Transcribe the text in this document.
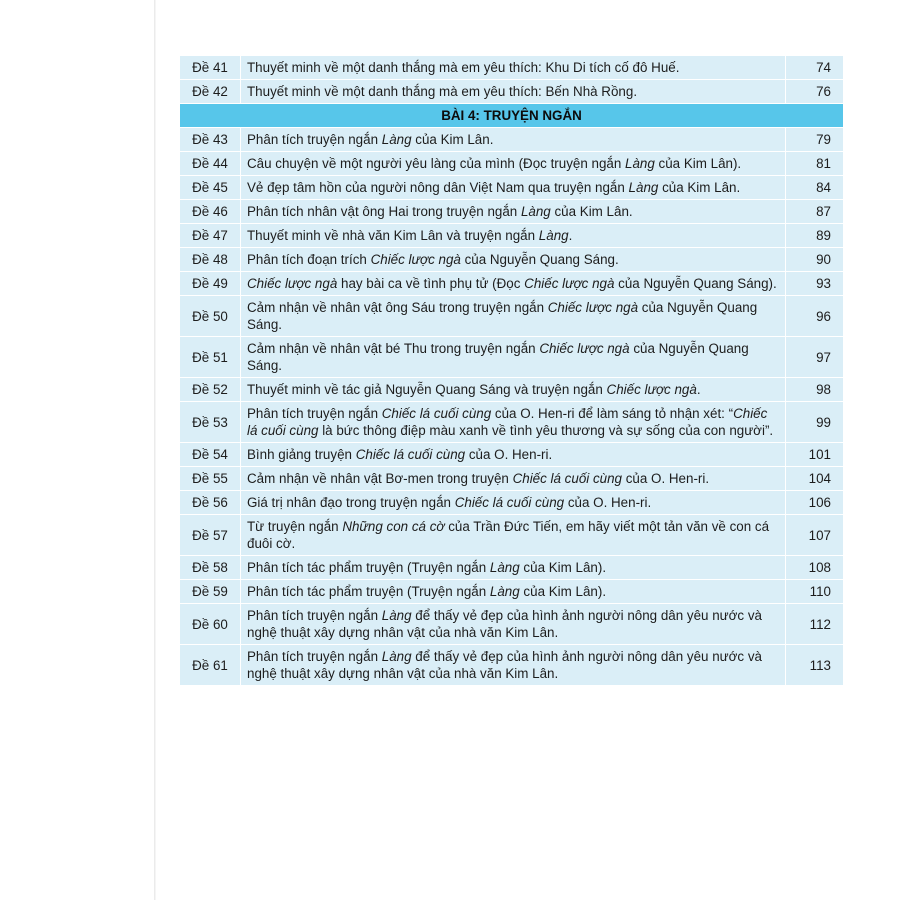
Đề 41	Thuyết minh về một danh thắng mà em yêu thích: Khu Di tích cố đô Huế.	74
Đề 42	Thuyết minh về một danh thắng mà em yêu thích: Bến Nhà Rồng.	76
BÀI 4: TRUYỆN NGẮN		
Đề 43	Phân tích truyện ngắn Làng của Kim Lân.	79
Đề 44	Câu chuyện về một người yêu làng của mình (Đọc truyện ngắn Làng của Kim Lân).	81
Đề 45	Vẻ đẹp tâm hồn của người nông dân Việt Nam qua truyện ngắn Làng của Kim Lân.	84
Đề 46	Phân tích nhân vật ông Hai trong truyện ngắn Làng của Kim Lân.	87
Đề 47	Thuyết minh về nhà văn Kim Lân và truyện ngắn Làng.	89
Đề 48	Phân tích đoạn trích Chiếc lược ngà của Nguyễn Quang Sáng.	90
Đề 49	Chiếc lược ngà hay bài ca về tình phụ tử (Đọc Chiếc lược ngà của Nguyễn Quang Sáng).	93
Đề 50	Cảm nhận về nhân vật ông Sáu trong truyện ngắn Chiếc lược ngà của Nguyễn Quang Sáng.	96
Đề 51	Cảm nhận về nhân vật bé Thu trong truyện ngắn Chiếc lược ngà của Nguyễn Quang Sáng.	97
Đề 52	Thuyết minh về tác giả Nguyễn Quang Sáng và truyện ngắn Chiếc lược ngà.	98
Đề 53	Phân tích truyện ngắn Chiếc lá cuối cùng của O. Hen-ri để làm sáng tỏ nhận xét: “Chiếc lá cuối cùng là bức thông điệp màu xanh về tình yêu thương và sự sống của con người”.	99
Đề 54	Bình giảng truyện Chiếc lá cuối cùng của O. Hen-ri.	101
Đề 55	Cảm nhận về nhân vật Bơ-men trong truyện Chiếc lá cuối cùng của O. Hen-ri.	104
Đề 56	Giá trị nhân đạo trong truyện ngắn Chiếc lá cuối cùng của O. Hen-ri.	106
Đề 57	Từ truyện ngắn Những con cá cờ của Trần Đức Tiến, em hãy viết một tản văn về con cá đuôi cờ.	107
Đề 58	Phân tích tác phẩm truyện (Truyện ngắn Làng của Kim Lân).	108
Đề 59	Phân tích tác phẩm truyện (Truyện ngắn Làng của Kim Lân).	110
Đề 60	Phân tích truyện ngắn Làng để thấy vẻ đẹp của hình ảnh người nông dân yêu nước và nghệ thuật xây dựng nhân vật của nhà văn Kim Lân.	112
Đề 61	Phân tích truyện ngắn Làng để thấy vẻ đẹp của hình ảnh người nông dân yêu nước và nghệ thuật xây dựng nhân vật của nhà văn Kim Lân.	113
